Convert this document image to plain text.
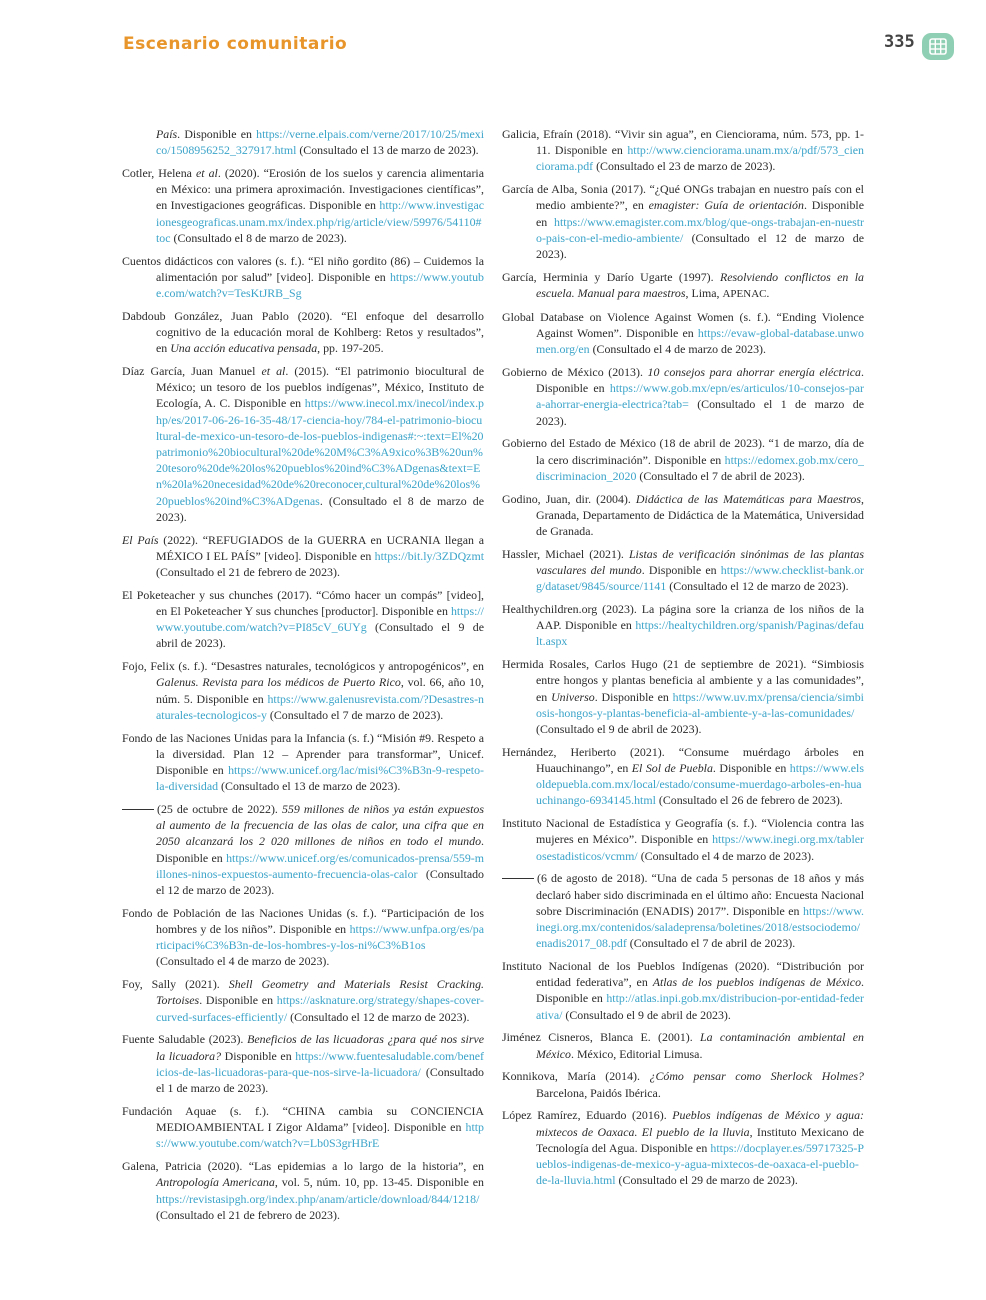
Escenario comunitario	335

País. Disponible en https://verne.elpais.com/verne/2017/10/25/mexico/1508956252_327917.html (Consultado el 13 de marzo de 2023).

Cotler, Helena et al. (2020). “Erosión de los suelos y carencia alimentaria en México: una primera aproximación. Investigaciones científicas”, en Investigaciones geográficas. Disponible en http://www.investigacionesgeograficas.unam.mx/index.php/rig/article/view/59976/54110#toc (Consultado el 8 de marzo de 2023).

Cuentos didácticos con valores (s. f.). “El niño gordito (86) – Cuidemos la alimentación por salud” [video]. Disponible en https://www.youtube.com/watch?v=TesKtJRB_Sg

Dabdoub González, Juan Pablo (2020). “El enfoque del desarrollo cognitivo de la educación moral de Kohlberg: Retos y resultados”, en Una acción educativa pensada, pp. 197-205.

Díaz García, Juan Manuel et al. (2015). “El patrimonio biocultural de México; un tesoro de los pueblos indígenas”, México, Instituto de Ecología, A. C. Disponible en https://www.inecol.mx/inecol/index.php/es/2017-06-26-16-35-48/17-ciencia-hoy/784-el-patrimonio-biocultural-de-mexico-un-tesoro-de-los-pueblos-indigenas#:~:text=El%20patrimonio%20biocultural%20de%20M%C3%A9xico%3B%20un%20tesoro%20de%20los%20pueblos%20ind%C3%ADgenas&text=En%20la%20necesidad%20de%20reconocer,cultural%20de%20los%20pueblos%20ind%C3%ADgenas. (Consultado el 8 de marzo de 2023).

El País (2022). “REFUGIADOS de la GUERRA en UCRANIA llegan a MÉXICO I EL PAÍS” [video]. Disponible en https://bit.ly/3ZDQzmt (Consultado el 21 de febrero de 2023).

El Poketeacher y sus chunches (2017). “Cómo hacer un compás” [video], en El Poketeacher Y sus chunches [productor]. Disponible en https://www.youtube.com/watch?v=PI85cV_6UYg (Consultado el 9 de abril de 2023).

Fojo, Felix (s. f.). “Desastres naturales, tecnológicos y antropogénicos”, en Galenus. Revista para los médicos de Puerto Rico, vol. 66, año 10, núm. 5. Disponible en https://www.galenusrevista.com/?Desastres-naturales-tecnologicos-y (Consultado el 7 de marzo de 2023).

Fondo de las Naciones Unidas para la Infancia (s. f.) “Misión #9. Respeto a la diversidad. Plan 12 – Aprender para transformar”, Unicef. Disponible en https://www.unicef.org/lac/misi%C3%B3n-9-respeto-la-diversidad (Consultado el 13 de marzo de 2023).

(25 de octubre de 2022). 559 millones de niños ya están expuestos al aumento de la frecuencia de las olas de calor, una cifra que en 2050 alcanzará los 2 020 millones de niños en todo el mundo. Disponible en https://www.unicef.org/es/comunicados-prensa/559-millones-ninos-expuestos-aumento-frecuencia-olas-calor (Consultado el 12 de marzo de 2023).

Fondo de Población de las Naciones Unidas (s. f.). “Participación de los hombres y de los niños”. Disponible en https://www.unfpa.org/es/participaci%C3%B3n-de-los-hombres-y-los-ni%C3%B1os (Consultado el 4 de marzo de 2023).

Foy, Sally (2021). Shell Geometry and Materials Resist Cracking. Tortoises. Disponible en https://asknature.org/strategy/shapes-cover-curved-surfaces-efficiently/ (Consultado el 12 de marzo de 2023).

Fuente Saludable (2023). Beneficios de las licuadoras ¿para qué nos sirve la licuadora? Disponible en https://www.fuentesaludable.com/beneficios-de-las-licuadoras-para-que-nos-sirve-la-licuadora/ (Consultado el 1 de marzo de 2023).

Fundación Aquae (s. f.). “CHINA cambia su CONCIENCIA MEDIOAMBIENTAL I Zigor Aldama” [video]. Disponible en https://www.youtube.com/watch?v=Lb0S3grHBrE

Galena, Patricia (2020). “Las epidemias a lo largo de la historia”, en Antropología Americana, vol. 5, núm. 10, pp. 13-45. Disponible en https://revistasipgh.org/index.php/anam/article/download/844/1218/ (Consultado el 21 de febrero de 2023).

Galicia, Efraín (2018). “Vivir sin agua”, en Cienciorama, núm. 573, pp. 1-11. Disponible en http://www.cienciorama.unam.mx/a/pdf/573_cienciorama.pdf (Consultado el 23 de marzo de 2023).

García de Alba, Sonia (2017). “¿Qué ONGs trabajan en nuestro país con el medio ambiente?”, en emagister: Guía de orientación. Disponible en https://www.emagister.com.mx/blog/que-ongs-trabajan-en-nuestro-pais-con-el-medio-ambiente/ (Consultado el 12 de marzo de 2023).

García, Herminia y Darío Ugarte (1997). Resolviendo conflictos en la escuela. Manual para maestros, Lima, APENAC.

Global Database on Violence Against Women (s. f.). “Ending Violence Against Women”. Disponible en https://evaw-global-database.unwomen.org/en (Consultado el 4 de marzo de 2023).

Gobierno de México (2013). 10 consejos para ahorrar energía eléctrica. Disponible en https://www.gob.mx/epn/es/articulos/10-consejos-para-ahorrar-energia-electrica?tab= (Consultado el 1 de marzo de 2023).

Gobierno del Estado de México (18 de abril de 2023). “1 de marzo, día de la cero discriminación”. Disponible en https://edomex.gob.mx/cero_discriminacion_2020 (Consultado el 7 de abril de 2023).

Godino, Juan, dir. (2004). Didáctica de las Matemáticas para Maestros, Granada, Departamento de Didáctica de la Matemática, Universidad de Granada.

Hassler, Michael (2021). Listas de verificación sinónimas de las plantas vasculares del mundo. Disponible en https://www.checklist-bank.org/dataset/9845/source/1141 (Consultado el 12 de marzo de 2023).

Healthychildren.org (2023). La página sore la crianza de los niños de la AAP. Disponible en https://healtychildren.org/spanish/Paginas/default.aspx

Hermida Rosales, Carlos Hugo (21 de septiembre de 2021). “Simbiosis entre hongos y plantas beneficia al ambiente y a las comunidades”, en Universo. Disponible en https://www.uv.mx/prensa/ciencia/simbiosis-hongos-y-plantas-beneficia-al-ambiente-y-a-las-comunidades/ (Consultado el 9 de abril de 2023).

Hernández, Heriberto (2021). “Consume muérdago árboles en Huauchinango”, en El Sol de Puebla. Disponible en https://www.elsoldepuebla.com.mx/local/estado/consume-muerdago-arboles-en-huauchinango-6934145.html (Consultado el 26 de febrero de 2023).

Instituto Nacional de Estadística y Geografía (s. f.). “Violencia contra las mujeres en México”. Disponible en https://www.inegi.org.mx/tablerosestadisticos/vcmm/ (Consultado el 4 de marzo de 2023).

(6 de agosto de 2018). “Una de cada 5 personas de 18 años y más declaró haber sido discriminada en el último año: Encuesta Nacional sobre Discriminación (ENADIS) 2017”. Disponible en https://www.inegi.org.mx/contenidos/saladeprensa/boletines/2018/estsociodemo/enadis2017_08.pdf (Consultado el 7 de abril de 2023).

Instituto Nacional de los Pueblos Indígenas (2020). “Distribución por entidad federativa”, en Atlas de los pueblos indígenas de México. Disponible en http://atlas.inpi.gob.mx/distribucion-por-entidad-federativa/ (Consultado el 9 de abril de 2023).

Jiménez Cisneros, Blanca E. (2001). La contaminación ambiental en México. México, Editorial Limusa.

Konnikova, María (2014). ¿Cómo pensar como Sherlock Holmes? Barcelona, Paidós Ibérica.

López Ramírez, Eduardo (2016). Pueblos indígenas de México y agua: mixtecos de Oaxaca. El pueblo de la lluvia, Instituto Mexicano de Tecnología del Agua. Disponible en https://docplayer.es/59717325-Pueblos-indigenas-de-mexico-y-agua-mixtecos-de-oaxaca-el-pueblo-de-la-lluvia.html (Consultado el 29 de marzo de 2023).
